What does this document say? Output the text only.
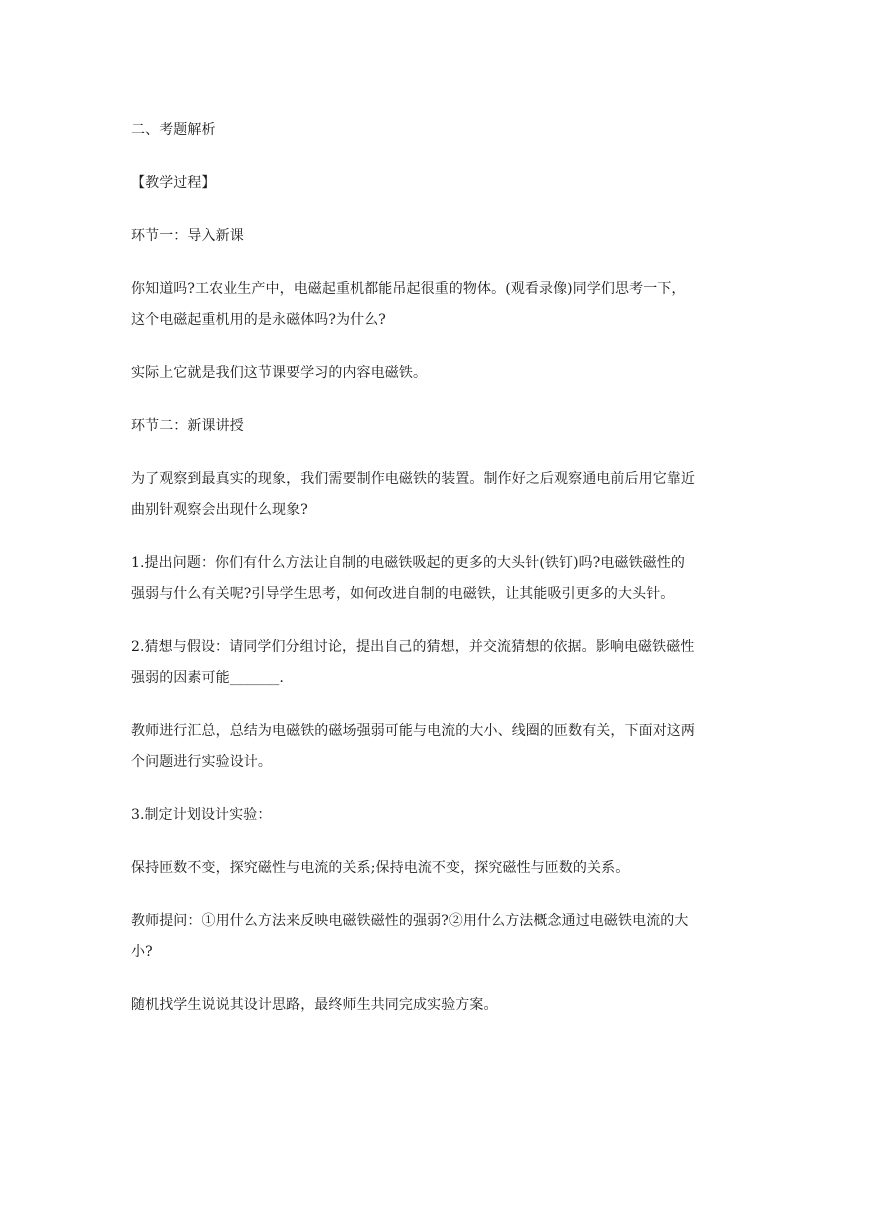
二、考题解析

【教学过程】

环节一：导入新课

你知道吗?工农业生产中，电磁起重机都能吊起很重的物体。(观看录像)同学们思考一下，
这个电磁起重机用的是永磁体吗?为什么?

实际上它就是我们这节课要学习的内容电磁铁。

环节二：新课讲授

为了观察到最真实的现象，我们需要制作电磁铁的装置。制作好之后观察通电前后用它靠近
曲别针观察会出现什么现象?

1.提出问题：你们有什么方法让自制的电磁铁吸起的更多的大头针(铁钉)吗?电磁铁磁性的
强弱与什么有关呢?引导学生思考，如何改进自制的电磁铁，让其能吸引更多的大头针。

2.猜想与假设：请同学们分组讨论，提出自己的猜想，并交流猜想的依据。影响电磁铁磁性
强弱的因素可能_______.

教师进行汇总，总结为电磁铁的磁场强弱可能与电流的大小、线圈的匝数有关，下面对这两
个问题进行实验设计。

3.制定计划设计实验：

保持匝数不变，探究磁性与电流的关系;保持电流不变，探究磁性与匝数的关系。

教师提问：①用什么方法来反映电磁铁磁性的强弱?②用什么方法概念通过电磁铁电流的大
小?

随机找学生说说其设计思路，最终师生共同完成实验方案。
